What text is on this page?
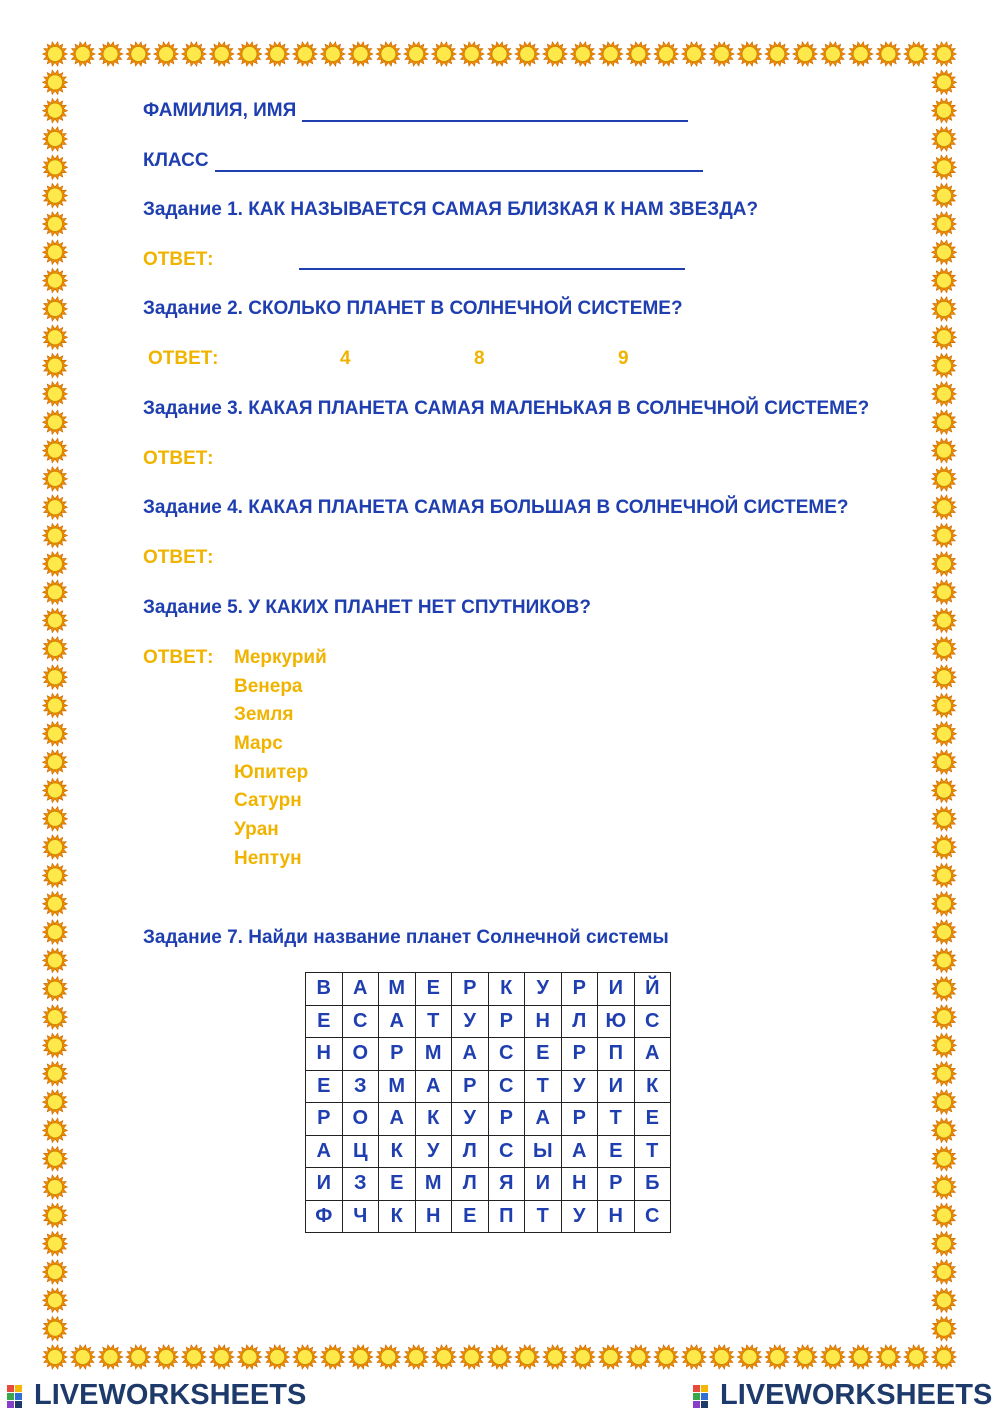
ФАМИЛИЯ, ИМЯ
КЛАСС
Задание 1. КАК НАЗЫВАЕТСЯ САМАЯ БЛИЗКАЯ К НАМ ЗВЕЗДА?
ОТВЕТ:
Задание 2. СКОЛЬКО ПЛАНЕТ В СОЛНЕЧНОЙ СИСТЕМЕ?
ОТВЕТ:	4	8	9
Задание 3. КАКАЯ ПЛАНЕТА САМАЯ МАЛЕНЬКАЯ В СОЛНЕЧНОЙ СИСТЕМЕ?
ОТВЕТ:
Задание 4. КАКАЯ ПЛАНЕТА САМАЯ БОЛЬШАЯ В СОЛНЕЧНОЙ СИСТЕМЕ?
ОТВЕТ:
Задание 5. У КАКИХ ПЛАНЕТ НЕТ СПУТНИКОВ?
ОТВЕТ: Меркурий
Венера
Земля
Марс
Юпитер
Сатурн
Уран
Нептун
Задание 7. Найди название планет Солнечной системы
В	А	М	Е	Р	К	У	Р	И	Й
Е	С	А	Т	У	Р	Н	Л	Ю	С
Н	О	Р	М	А	С	Е	Р	П	А
Е	З	М	А	Р	С	Т	У	И	К
Р	О	А	К	У	Р	А	Р	Т	Е
А	Ц	К	У	Л	С	Ы	А	Е	Т
И	З	Е	М	Л	Я	И	Н	Р	Б
Ф	Ч	К	Н	Е	П	Т	У	Н	С
LIVEWORKSHEETS	LIVEWORKSHEETS
